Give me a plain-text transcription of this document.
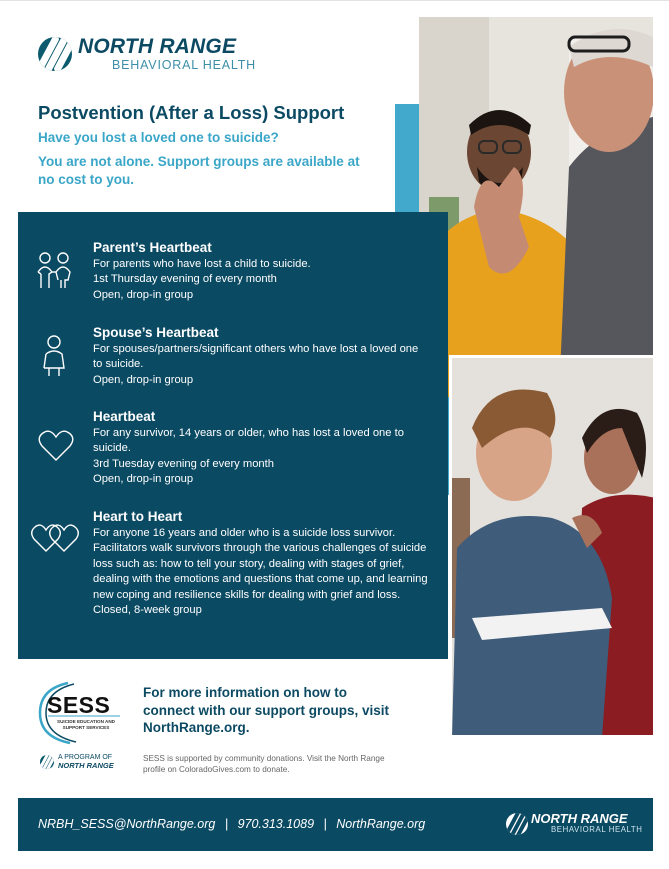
NORTH RANGE
BEHAVIORAL HEALTH
Postvention (After a Loss) Support
Have you lost a loved one to suicide?
You are not alone. Support groups are available at no cost to you.
Parent’s Heartbeat
For parents who have lost a child to suicide.
1st Thursday evening of every month
Open, drop-in group
Spouse’s Heartbeat
For spouses/partners/significant others who have lost a loved one to suicide.
Open, drop-in group
Heartbeat
For any survivor, 14 years or older, who has lost a loved one to suicide.
3rd Tuesday evening of every month
Open, drop-in group
Heart to Heart
For anyone 16 years and older who is a suicide loss survivor. Facilitators walk survivors through the various challenges of suicide loss such as: how to tell your story, dealing with stages of grief, dealing with the emotions and questions that come up, and learning new coping and resilience skills for dealing with grief and loss.
Closed, 8-week group
SESS
SUICIDE EDUCATION AND SUPPORT SERVICES
A PROGRAM OF
NORTH RANGE
For more information on how to connect with our support groups, visit NorthRange.org.
SESS is supported by community donations. Visit the North Range profile on ColoradoGives.com to donate.
NRBH_SESS@NorthRange.org | 970.313.1089 | NorthRange.org	NORTH RANGE
BEHAVIORAL HEALTH
